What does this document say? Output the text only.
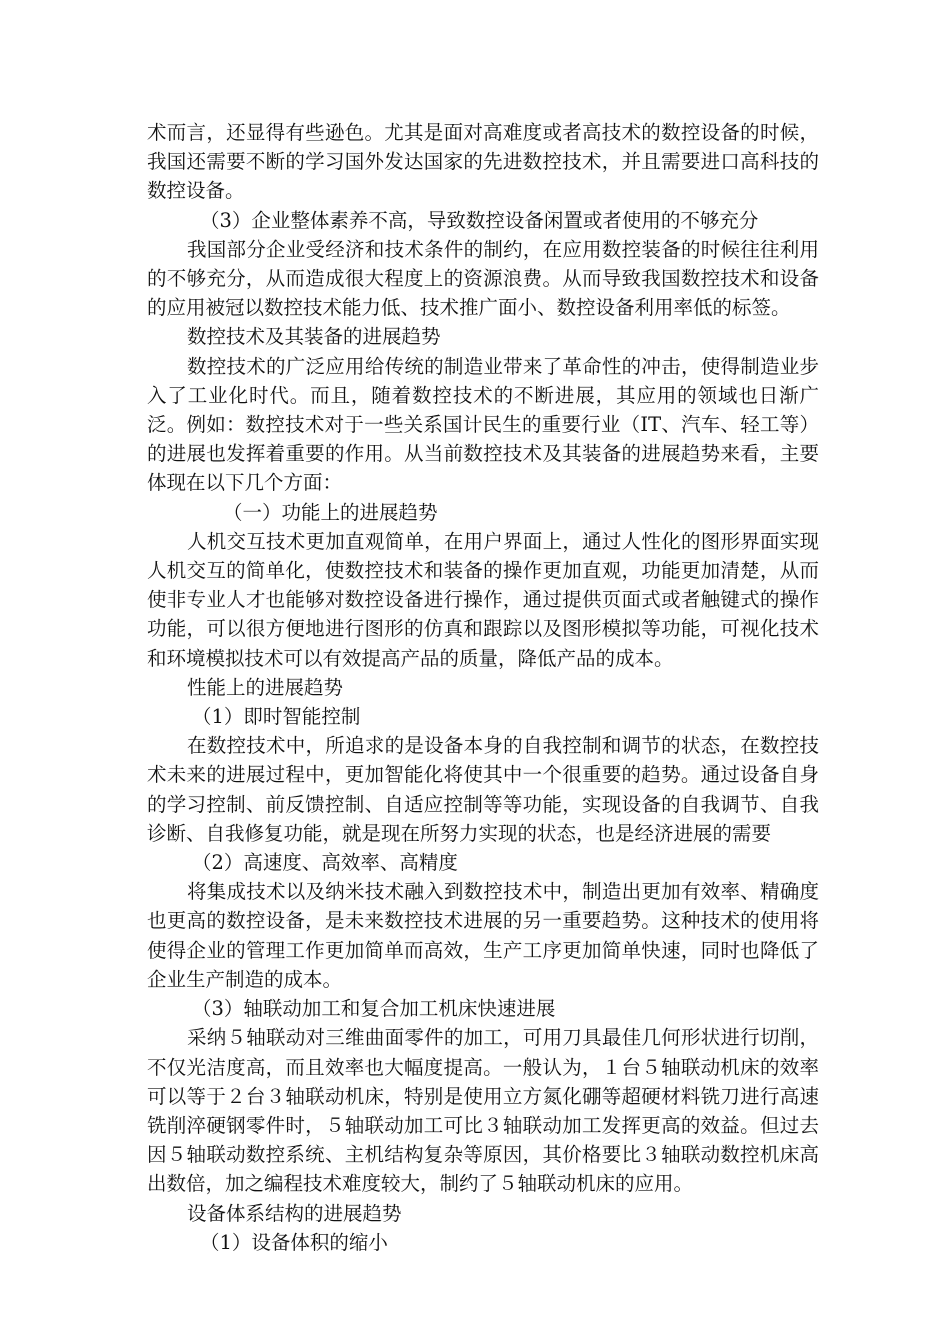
术而言，还显得有些逊色。尤其是面对高难度或者高技术的数控设备的时候，我国还需要不断的学习国外发达国家的先进数控技术，并且需要进口高科技的数控设备。

（3）企业整体素养不高，导致数控设备闲置或者使用的不够充分

我国部分企业受经济和技术条件的制约，在应用数控装备的时候往往利用的不够充分，从而造成很大程度上的资源浪费。从而导致我国数控技术和设备的应用被冠以数控技术能力低、技术推广面小、数控设备利用率低的标签。

数控技术及其装备的进展趋势

数控技术的广泛应用给传统的制造业带来了革命性的冲击，使得制造业步入了工业化时代。而且，随着数控技术的不断进展，其应用的领域也日渐广泛。例如：数控技术对于一些关系国计民生的重要行业（IT、汽车、轻工等）的进展也发挥着重要的作用。从当前数控技术及其装备的进展趋势来看，主要体现在以下几个方面：

（一）功能上的进展趋势

人机交互技术更加直观简单，在用户界面上，通过人性化的图形界面实现人机交互的简单化，使数控技术和装备的操作更加直观，功能更加清楚，从而使非专业人才也能够对数控设备进行操作，通过提供页面式或者触键式的操作功能，可以很方便地进行图形的仿真和跟踪以及图形模拟等功能，可视化技术和环境模拟技术可以有效提高产品的质量，降低产品的成本。

性能上的进展趋势

（1）即时智能控制

在数控技术中，所追求的是设备本身的自我控制和调节的状态，在数控技术未来的进展过程中，更加智能化将使其中一个很重要的趋势。通过设备自身的学习控制、前反馈控制、自适应控制等等功能，实现设备的自我调节、自我诊断、自我修复功能，就是现在所努力实现的状态，也是经济进展的需要

（2）高速度、高效率、高精度

将集成技术以及纳米技术融入到数控技术中，制造出更加有效率、精确度也更高的数控设备，是未来数控技术进展的另一重要趋势。这种技术的使用将使得企业的管理工作更加简单而高效，生产工序更加简单快速，同时也降低了企业生产制造的成本。

（3）轴联动加工和复合加工机床快速进展

采纳５轴联动对三维曲面零件的加工，可用刀具最佳几何形状进行切削，不仅光洁度高，而且效率也大幅度提高。一般认为，１台５轴联动机床的效率可以等于２台３轴联动机床，特别是使用立方氮化硼等超硬材料铣刀进行高速铣削淬硬钢零件时，５轴联动加工可比３轴联动加工发挥更高的效益。但过去因５轴联动数控系统、主机结构复杂等原因，其价格要比３轴联动数控机床高出数倍，加之编程技术难度较大，制约了５轴联动机床的应用。

设备体系结构的进展趋势

（1）设备体积的缩小
